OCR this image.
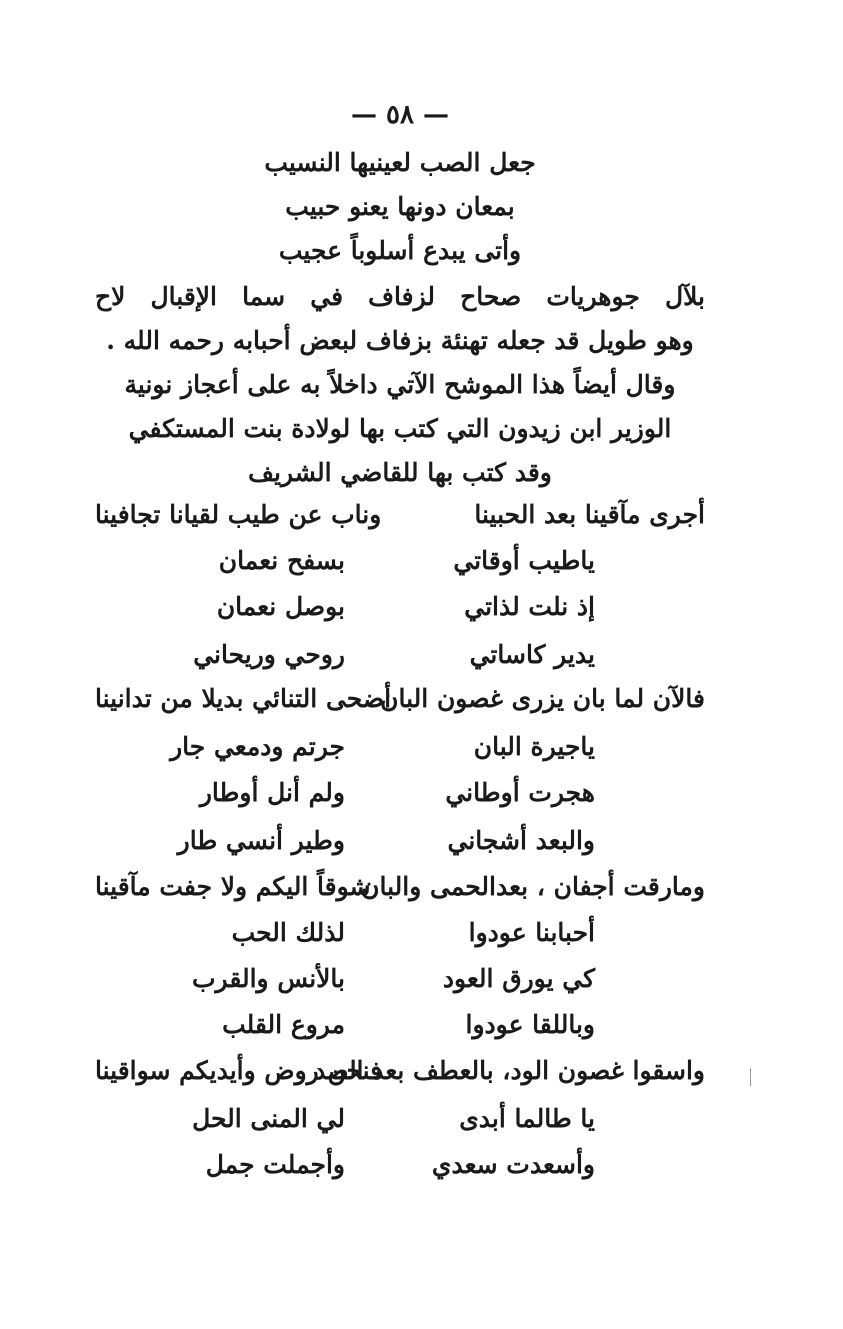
— ٥٨ —
جعل الصب لعينيها النسيب
بمعان دونها يعنو حبيب
وأتى يبدع أسلوباً عجيب
بلآل جوهريات صحاح لزفاف في سما الإقبال لاح
وهو طويل قد جعله تهنئة بزفاف لبعض أحبابه رحمه الله .
وقال أيضاً هذا الموشح الآتي داخلاً به على أعجاز نونية
الوزير ابن زيدون التي كتب بها لولادة بنت المستكفي
وقد كتب بها للقاضي الشريف
أجرى مآقينا بعد الحبينا
وناب عن طيب لقيانا تجافينا
ياطيب أوقاتي
بسفح نعمان
إذ نلت لذاتي
بوصل نعمان
يدير كاساتي
روحي وريحاني
فالآن لما بان يزرى غصون البان
أضحى التنائي بديلا من تدانينا
ياجيرة البان
جرتم ودمعي جار
هجرت أوطاني
ولم أنل أوطار
والبعد أشجاني
وطير أنسي طار
ومارقت أجفان ، بعدالحمى والبان
شوقاً اليكم ولا جفت مآقينا
أحبابنا عودوا
لذلك الحب
كي يورق العود
بالأنس والقرب
وباللقا عودوا
مروع القلب
واسقوا غصون الود، بالعطف بعد الصد
فنحن روض وأيديكم سواقينا
يا طالما أبدى
لي المنى الحل
وأسعدت سعدي
وأجملت جمل
